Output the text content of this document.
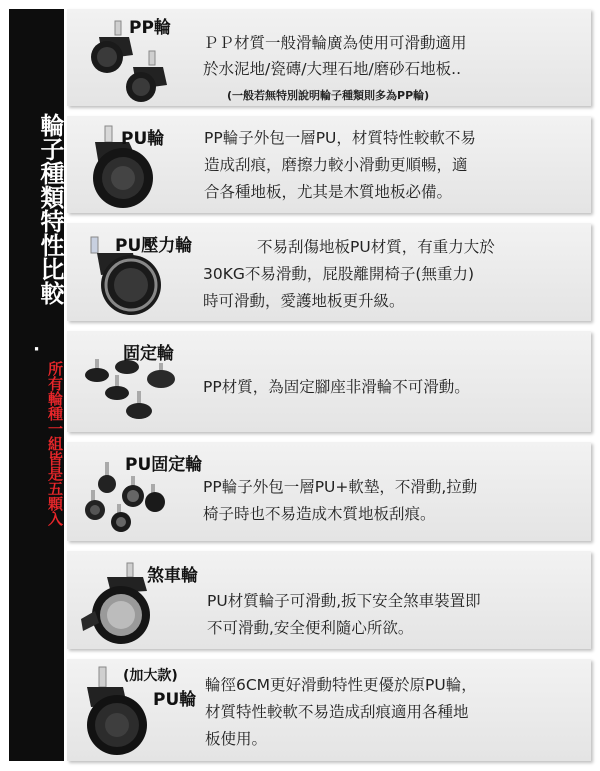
輪子種類特性比較
·
所有輪種一組皆是五顆入
PP輪
ＰＰ材質一般滑輪廣為使用可滑動適用
於水泥地/瓷磚/大理石地/磨砂石地板..
(一般若無特別說明輪子種類則多為PP輪)
PU輪	PP輪子外包一層PU，材質特性較軟不易
造成刮痕，磨擦力較小滑動更順暢，適
合各種地板，尤其是木質地板必備。
PU壓力輪	不易刮傷地板PU材質，有重力大於
30KG不易滑動，屁股離開椅子(無重力)
時可滑動，愛護地板更升級。
固定輪
PP材質，為固定腳座非滑輪不可滑動。
PU固定輪
PP輪子外包一層PU+軟墊，不滑動,拉動
椅子時也不易造成木質地板刮痕。
煞車輪
PU材質輪子可滑動,扳下安全煞車裝置即
不可滑動,安全便利隨心所欲。
(加大款)
PU輪
輪徑6CM更好滑動特性更優於原PU輪，
材質特性較軟不易造成刮痕適用各種地
板使用。
